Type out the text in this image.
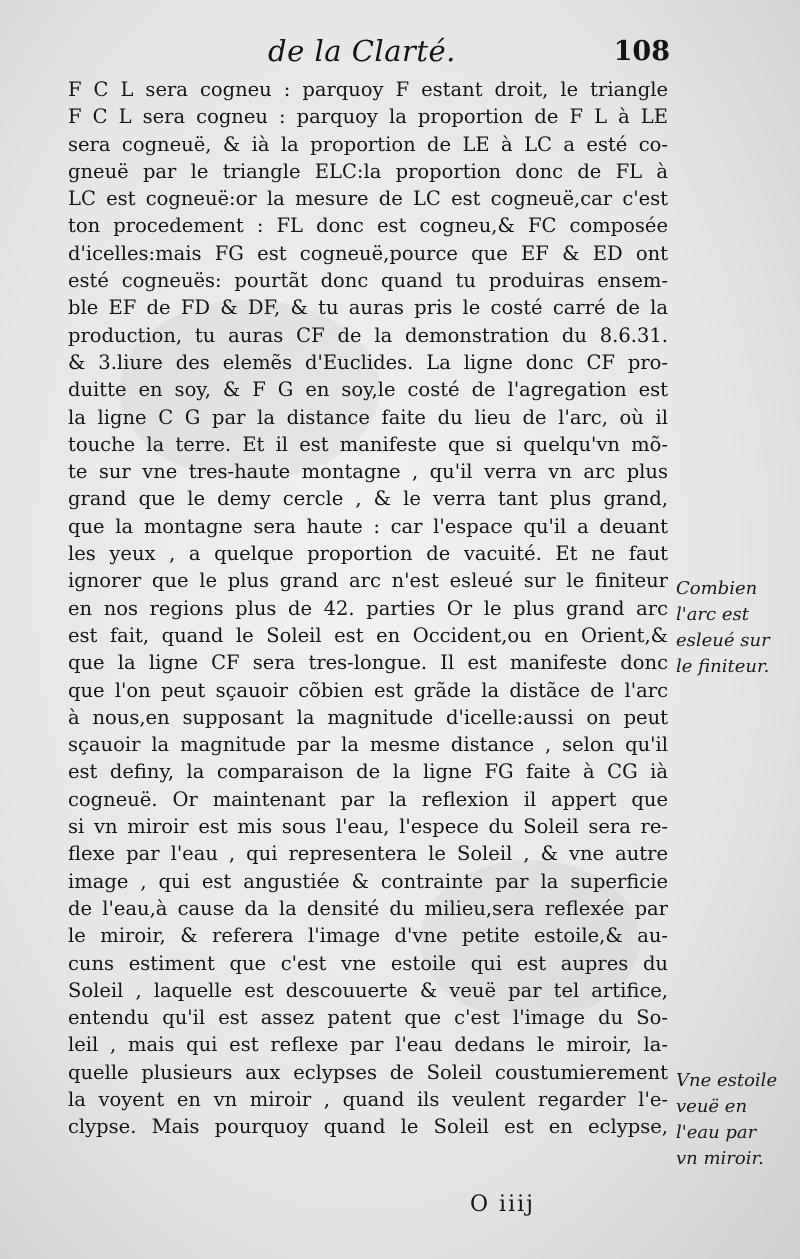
de la Clarté.	108
F C L sera cogneu : parquoy F estant droit, le triangle
F C L sera cogneu : parquoy la proportion de F L à LE
sera cogneuë, & ià la proportion de LE à LC a esté co-
gneuë par le triangle ELC:la proportion donc de FL à
LC est cogneuë:or la mesure de LC est cogneuë,car c'est
ton procedement : FL donc est cogneu,& FC composée
d'icelles:mais FG est cogneuë,pource que EF & ED ont
esté cogneuës: pourtãt donc quand tu produiras ensem-
ble EF de FD & DF, & tu auras pris le costé carré de la
production, tu auras CF de la demonstration du 8.6.31.
& 3.liure des elemẽs d'Euclides. La ligne donc CF pro-
duitte en soy, & F G en soy,le costé de l'agregation est
la ligne C G par la distance faite du lieu de l'arc, où il
touche la terre. Et il est manifeste que si quelqu'vn mõ-
te sur vne tres-haute montagne , qu'il verra vn arc plus
grand que le demy cercle , & le verra tant plus grand,
que la montagne sera haute : car l'espace qu'il a deuant
les yeux , a quelque proportion de vacuité. Et ne faut
ignorer que le plus grand arc n'est esleué sur le finiteur
en nos regions plus de 42. parties Or le plus grand arc
est fait, quand le Soleil est en Occident,ou en Orient,&
que la ligne CF sera tres-longue. Il est manifeste donc
que l'on peut sçauoir cõbien est grãde la distãce de l'arc
à nous,en supposant la magnitude d'icelle:aussi on peut
sçauoir la magnitude par la mesme distance , selon qu'il
est definy, la comparaison de la ligne FG faite à CG ià
cogneuë. Or maintenant par la reflexion il appert que
si vn miroir est mis sous l'eau, l'espece du Soleil sera re-
flexe par l'eau , qui representera le Soleil , & vne autre
image , qui est angustiée & contrainte par la superficie
de l'eau,à cause da la densité du milieu,sera reflexée par
le miroir, & referera l'image d'vne petite estoile,& au-
cuns estiment que c'est vne estoile qui est aupres du
Soleil , laquelle est descouuerte & veuë par tel artifice,
entendu qu'il est assez patent que c'est l'image du So-
leil , mais qui est reflexe par l'eau dedans le miroir, la-
quelle plusieurs aux eclypses de Soleil coustumierement
la voyent en vn miroir , quand ils veulent regarder l'e-
clypse. Mais pourquoy quand le Soleil est en eclypse,
Combien
l'arc est
esleué sur
le finiteur.
Vne estoile
veuë en
l'eau par
vn miroir.
O iiij
